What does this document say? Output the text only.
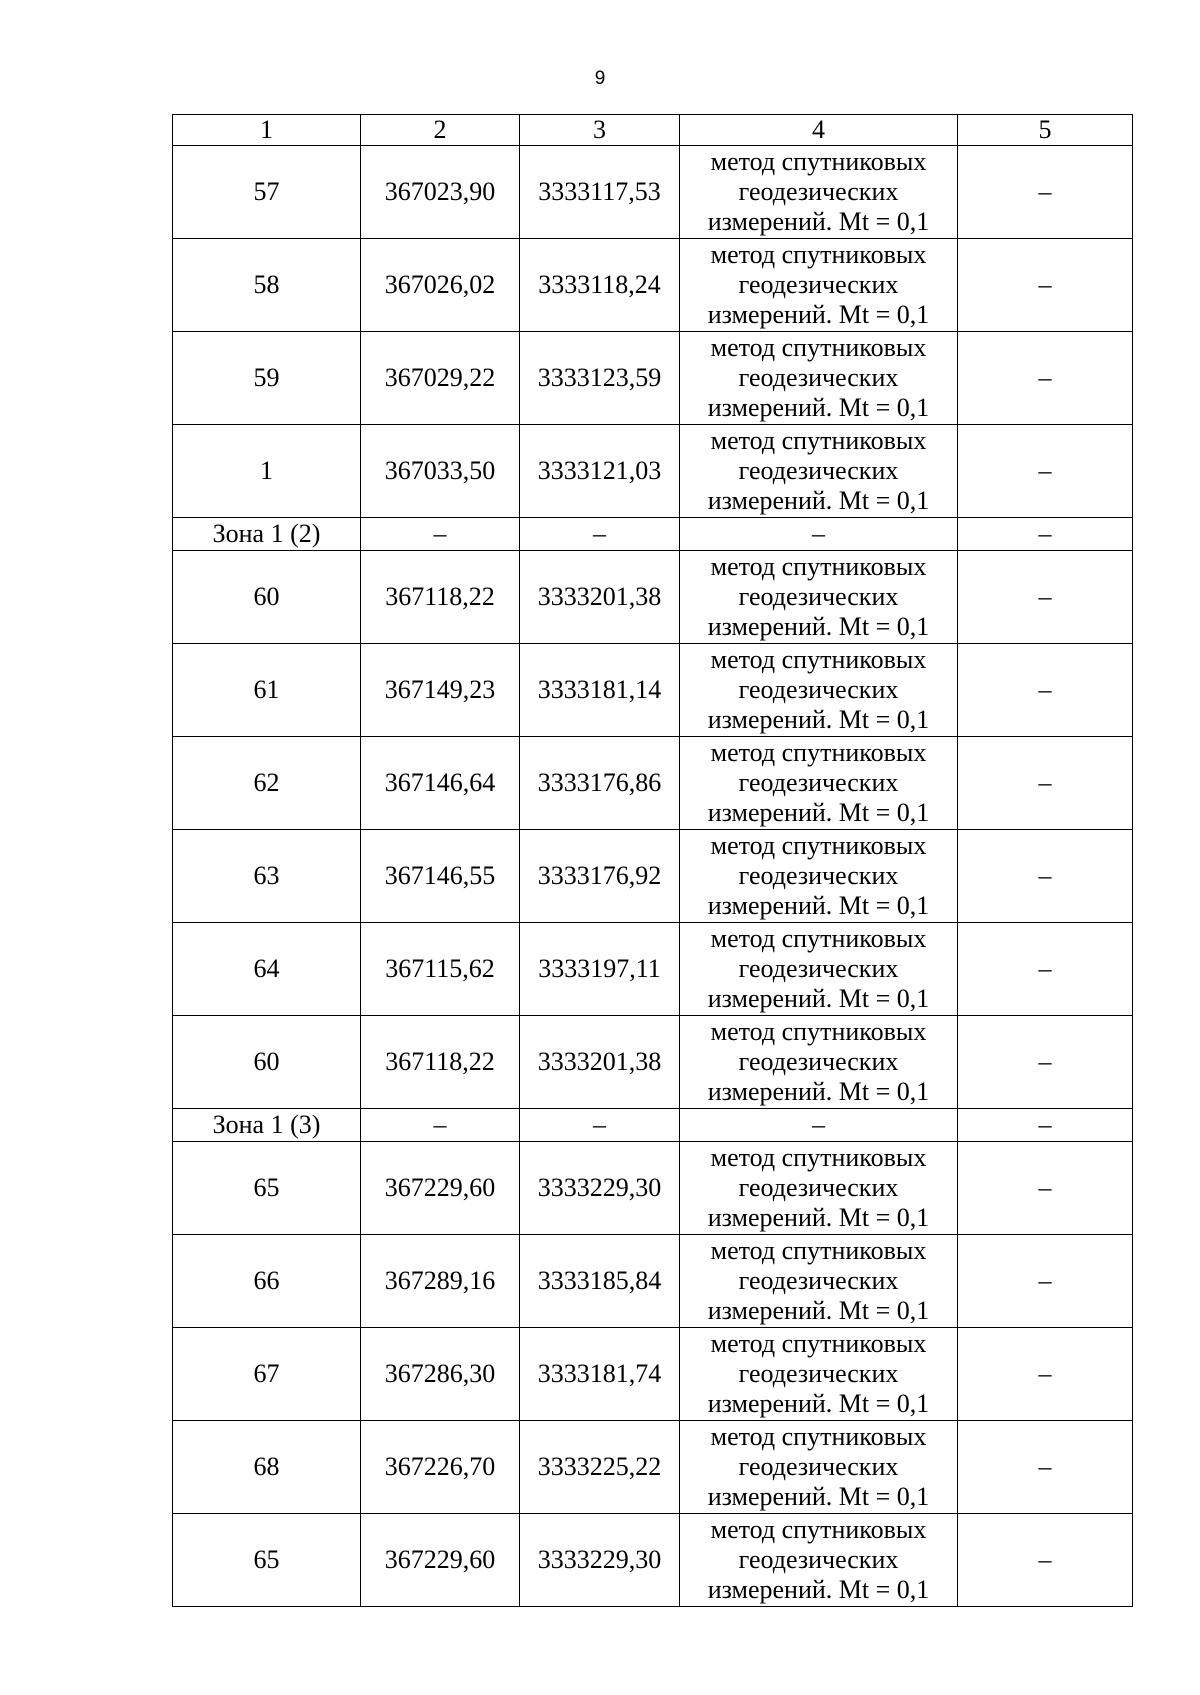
9
1	2	3	4	5
57	367023,90	3333117,53	метод спутниковых
геодезических
измерений. Mt = 0,1	–
58	367026,02	3333118,24	метод спутниковых
геодезических
измерений. Mt = 0,1	–
59	367029,22	3333123,59	метод спутниковых
геодезических
измерений. Mt = 0,1	–
1	367033,50	3333121,03	метод спутниковых
геодезических
измерений. Mt = 0,1	–
Зона 1 (2)	–	–	–	–
60	367118,22	3333201,38	метод спутниковых
геодезических
измерений. Mt = 0,1	–
61	367149,23	3333181,14	метод спутниковых
геодезических
измерений. Mt = 0,1	–
62	367146,64	3333176,86	метод спутниковых
геодезических
измерений. Mt = 0,1	–
63	367146,55	3333176,92	метод спутниковых
геодезических
измерений. Mt = 0,1	–
64	367115,62	3333197,11	метод спутниковых
геодезических
измерений. Mt = 0,1	–
60	367118,22	3333201,38	метод спутниковых
геодезических
измерений. Mt = 0,1	–
Зона 1 (3)	–	–	–	–
65	367229,60	3333229,30	метод спутниковых
геодезических
измерений. Mt = 0,1	–
66	367289,16	3333185,84	метод спутниковых
геодезических
измерений. Mt = 0,1	–
67	367286,30	3333181,74	метод спутниковых
геодезических
измерений. Mt = 0,1	–
68	367226,70	3333225,22	метод спутниковых
геодезических
измерений. Mt = 0,1	–
65	367229,60	3333229,30	метод спутниковых
геодезических
измерений. Mt = 0,1	–
